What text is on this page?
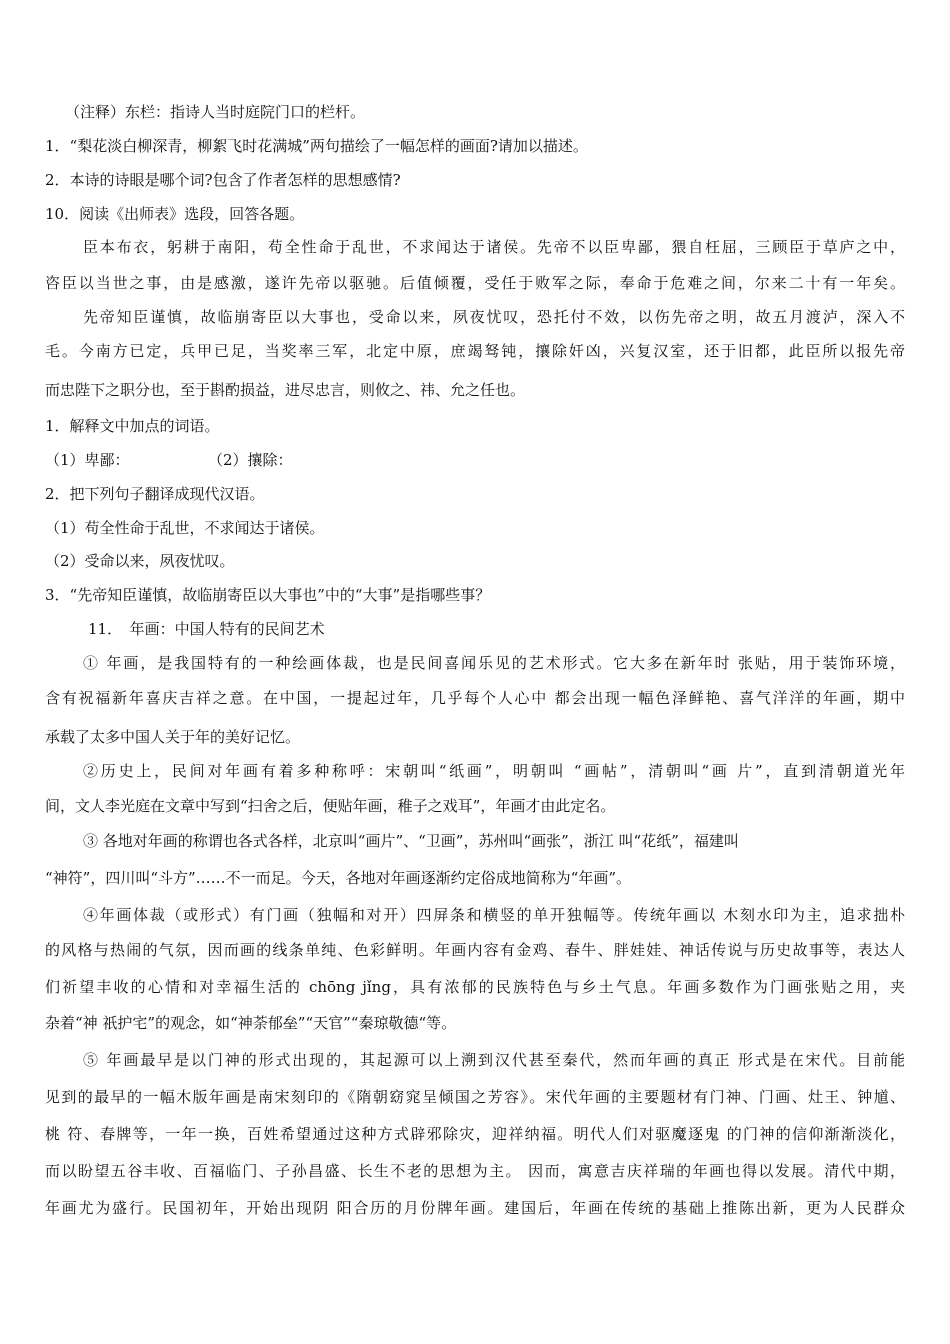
（注释）东栏：指诗人当时庭院门口的栏杆。
1．“梨花淡白柳深青，柳絮飞时花满城”两句描绘了一幅怎样的画面?请加以描述。
2．本诗的诗眼是哪个词?包含了作者怎样的思想感情?
10．阅读《出师表》选段，回答各题。
臣本布衣，躬耕于南阳，苟全性命于乱世，不求闻达于诸侯。先帝不以臣卑鄙，猥自枉屈，三顾臣于草庐之中，
咨臣以当世之事，由是感激，遂许先帝以驱驰。后值倾覆，受任于败军之际，奉命于危难之间，尔来二十有一年矣。
先帝知臣谨慎，故临崩寄臣以大事也，受命以来，夙夜忧叹，恐托付不效，以伤先帝之明，故五月渡泸，深入不
毛。今南方已定，兵甲已足，当奖率三军，北定中原，庶竭驽钝，攘除奸凶，兴复汉室，还于旧都，此臣所以报先帝
而忠陛下之职分也，至于斟酌损益，进尽忠言，则攸之、祎、允之任也。
1．解释文中加点的词语。
（1）卑鄙：	（2）攘除：
2．把下列句子翻译成现代汉语。
（1）苟全性命于乱世，不求闻达于诸侯。
（2）受命以来，夙夜忧叹。
3．“先帝知臣谨慎，故临崩寄臣以大事也”中的“大事”是指哪些事？
11．　年画：中国人特有的民间艺术
① 年画，是我国特有的一种绘画体裁，也是民间喜闻乐见的艺术形式。它大多在新年时 张贴，用于装饰环境，
含有祝福新年喜庆吉祥之意。在中国，一提起过年，几乎每个人心中 都会出现一幅色泽鲜艳、喜气洋洋的年画，期中
承载了太多中国人关于年的美好记忆。
②历史上，民间对年画有着多种称呼：宋朝叫“纸画”，明朝叫 “画帖”，清朝叫“画 片”，直到清朝道光年
间，文人李光庭在文章中写到“扫舍之后，便贴年画，稚子之戏耳”，年画才由此定名。
③ 各地对年画的称谓也各式各样，北京叫“画片”、“卫画”，苏州叫“画张”，浙江 叫“花纸”，福建叫
“神符”，四川叫“斗方”……不一而足。今天，各地对年画逐渐约定俗成地简称为“年画”。
④年画体裁（或形式）有门画（独幅和对开）四屏条和横竖的单开独幅等。传统年画以 木刻水印为主，追求拙朴
的风格与热闹的气氛，因而画的线条单纯、色彩鲜明。年画内容有金鸡、春牛、胖娃娃、神话传说与历史故事等，表达人
们祈望丰收的心情和对幸福生活的 chōng jǐng，具有浓郁的民族特色与乡土气息。年画多数作为门画张贴之用，夹
杂着“神 祇护宅”的观念，如“神荼郁垒”“天官”“秦琼敬德“等。
⑤ 年画最早是以门神的形式出现的，其起源可以上溯到汉代甚至秦代，然而年画的真正 形式是在宋代。目前能
见到的最早的一幅木版年画是南宋刻印的《隋朝窈窕呈倾国之芳容》。宋代年画的主要题材有门神、门画、灶王、钟馗、
桃 符、春牌等，一年一换，百姓希望通过这种方式辟邪除灾，迎祥纳福。明代人们对驱魔逐鬼 的门神的信仰渐渐淡化，
而以盼望五谷丰收、百福临门、子孙昌盛、长生不老的思想为主。 因而，寓意吉庆祥瑞的年画也得以发展。清代中期，
年画尤为盛行。民国初年，开始出现阴 阳合历的月份牌年画。建国后，年画在传统的基础上推陈出新，更为人民群众
